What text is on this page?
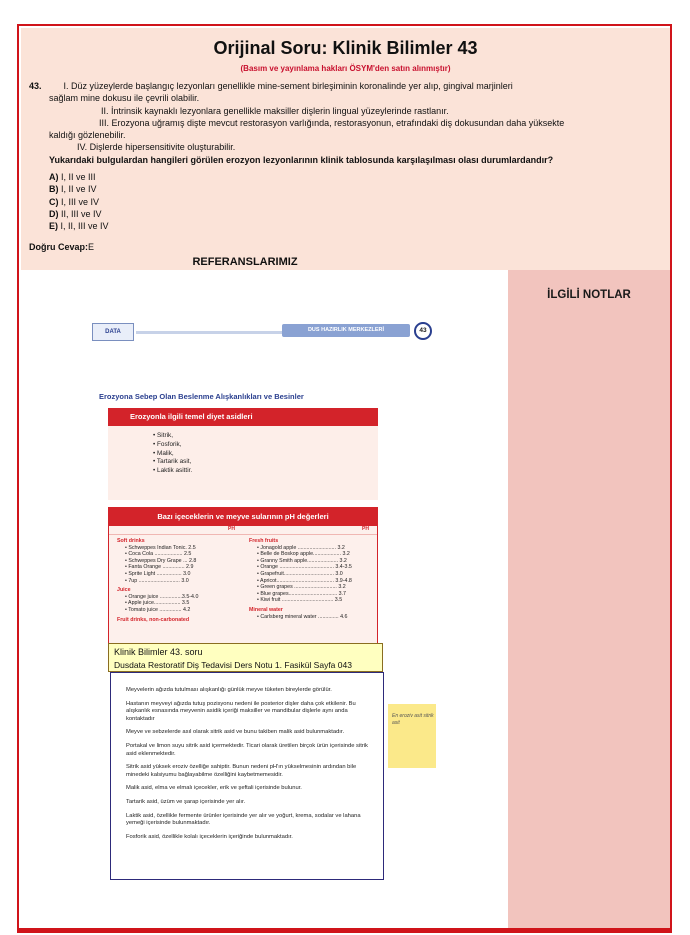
Orijinal Soru: Klinik Bilimler 43
(Basım ve yayınlama hakları ÖSYM'den satın alınmıştır)
43. I. Düz yüzeylerde başlangıç lezyonları genellikle mine-sement birleşiminin koronalinde yer alıp, gingival marjinleri
sağlam mine dokusu ile çevrili olabilir.
II. İntrinsik kaynaklı lezyonlara genellikle maksiller dişlerin lingual yüzeylerinde rastlanır.
III. Erozyona uğramış dişte mevcut restorasyon varlığında, restorasyonun, etrafındaki diş dokusundan daha yüksekte
kaldığı gözlenebilir.
IV. Dişlerde hipersensitivite oluşturabilir.
Yukarıdaki bulgulardan hangileri görülen erozyon lezyonlarının klinik tablosunda karşılaşılması olası durumlardandır?
A) I, II ve III
B) I, II ve IV
C) I, III ve IV
D) II, III ve IV
E) I, II, III ve IV
Doğru Cevap:E
İLGİLİ NOTLAR
REFERANSLARIMIZ
DATA	DUS HAZIRLIK MERKEZLERİ	43
Erozyona Sebep Olan Beslenme Alışkanlıkları ve Besinler
Erozyonla ilgili temel diyet asidleri
• Sitrik,
• Fosforik,
• Malik,
• Tartarik asit,
• Laktik asittir.
Bazı içeceklerin ve meyve sularının pH değerleri
PH	PH
Soft drinks
• Schweppes Indian Tonic. 2.5
• Coca Cola ................... 2.5
• Schweppes Dry Grape ... 2.8
• Fanta Orange ............... 2.9
• Sprite Light ................. 3.0
• 7up ............................ 3.0
Juice
• Orange juice ...............3.5-4.0
• Apple juice.................. 3.5
• Tomato juice ............... 4.2
Fruit drinks, non-carbonated
Fresh fruits
• Jonagold apple .......................... 3.2
• Belle de Boskop apple................... 3.2
• Granny Smith apple..................... 3.2
• Orange ..................................... 3.4-3.5
• Grapefruit.................................. 3.0
• Apricot....................................... 3.9-4.8
• Green grapes ............................. 3.2
• Blue grapes................................. 3.7
• Kiwi fruit ................................... 3.5
Mineral water
• Carlsberg mineral water .............. 4.6

Meyvelerin ağızda tutulması alışkanlığı günlük meyve tüketen bireylerde görülür.

Hastanın meyveyi ağızda tutuş pozisyonu nedeni ile posterior dişler daha çok etkilenir. Bu alışkanlık esnasında meyvenin asidik içeriği maksiller ve mandibular dişlerle aynı anda kontaktadır

Meyve ve sebzelerde asıl olarak sitrik asid ve bunu takiben malik asid bulunmaktadır.

Portakal ve limon suyu sitrik asid içermektedir. Ticari olarak üretilen birçok ürün içerisinde sitrik asid eklenmektedir.

Sitrik asid yüksek eroziv özelliğe sahiptir. Bunun nedeni pH'ın yükselmesinin ardından bile minedeki kalsiyumu bağlayabilme özelliğini kaybetmemesidir.

Malik asid, elma ve elmalı içecekler, erik ve şeftali içerisinde bulunur.

Tartarik asid, üzüm ve şarap içerisinde yer alır.

Laktik asid, özellikle fermente ürünler içerisinde yer alır ve yoğurt, krema, sodalar ve lahana yemeği içerisinde bulunmaktadır.

Fosforik asid, özellikle kolalı içeceklerin içeriğinde bulunmaktadır.

Klinik Bilimler 43. soru
Dusdata Restoratif Diş Tedavisi Ders Notu 1. Fasikül Sayfa 043
En eroziv asit sitrik asit
